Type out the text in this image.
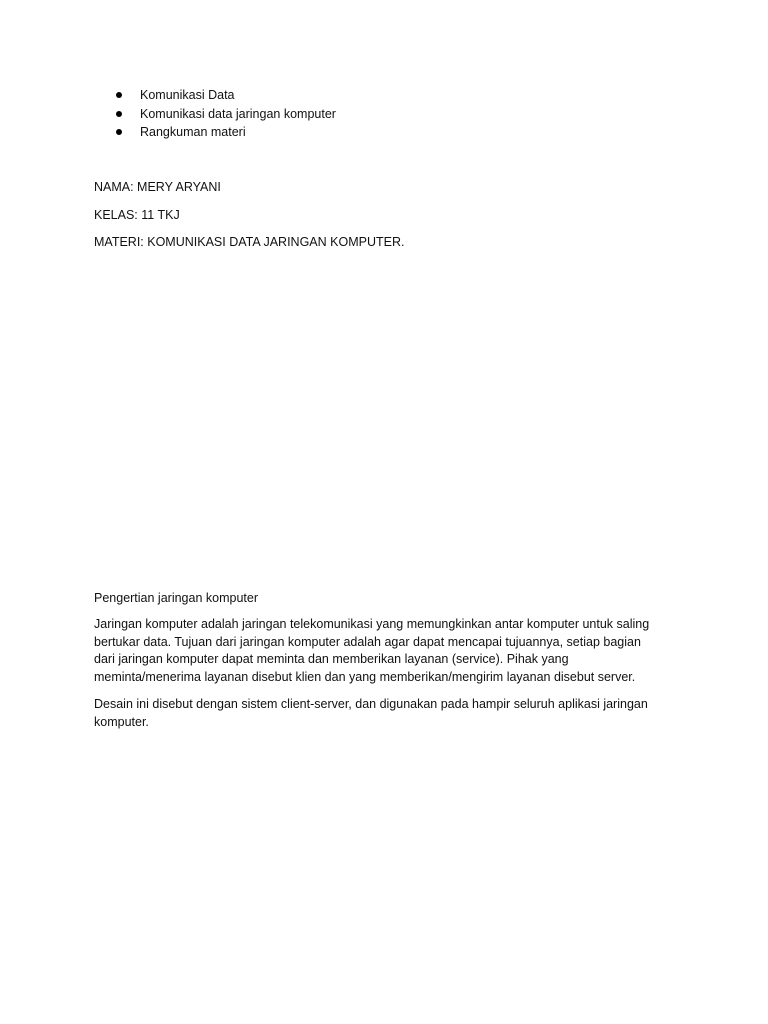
Komunikasi Data
Komunikasi data jaringan komputer
Rangkuman materi
NAMA: MERY ARYANI
KELAS: 11 TKJ
MATERI: KOMUNIKASI DATA JARINGAN KOMPUTER.
Pengertian jaringan komputer
Jaringan komputer adalah jaringan telekomunikasi yang memungkinkan antar komputer untuk saling
bertukar data. Tujuan dari jaringan komputer adalah agar dapat mencapai tujuannya, setiap bagian
dari jaringan komputer dapat meminta dan memberikan layanan (service). Pihak yang
meminta/menerima layanan disebut klien dan yang memberikan/mengirim layanan disebut server.
Desain ini disebut dengan sistem client-server, dan digunakan pada hampir seluruh aplikasi jaringan
komputer.
